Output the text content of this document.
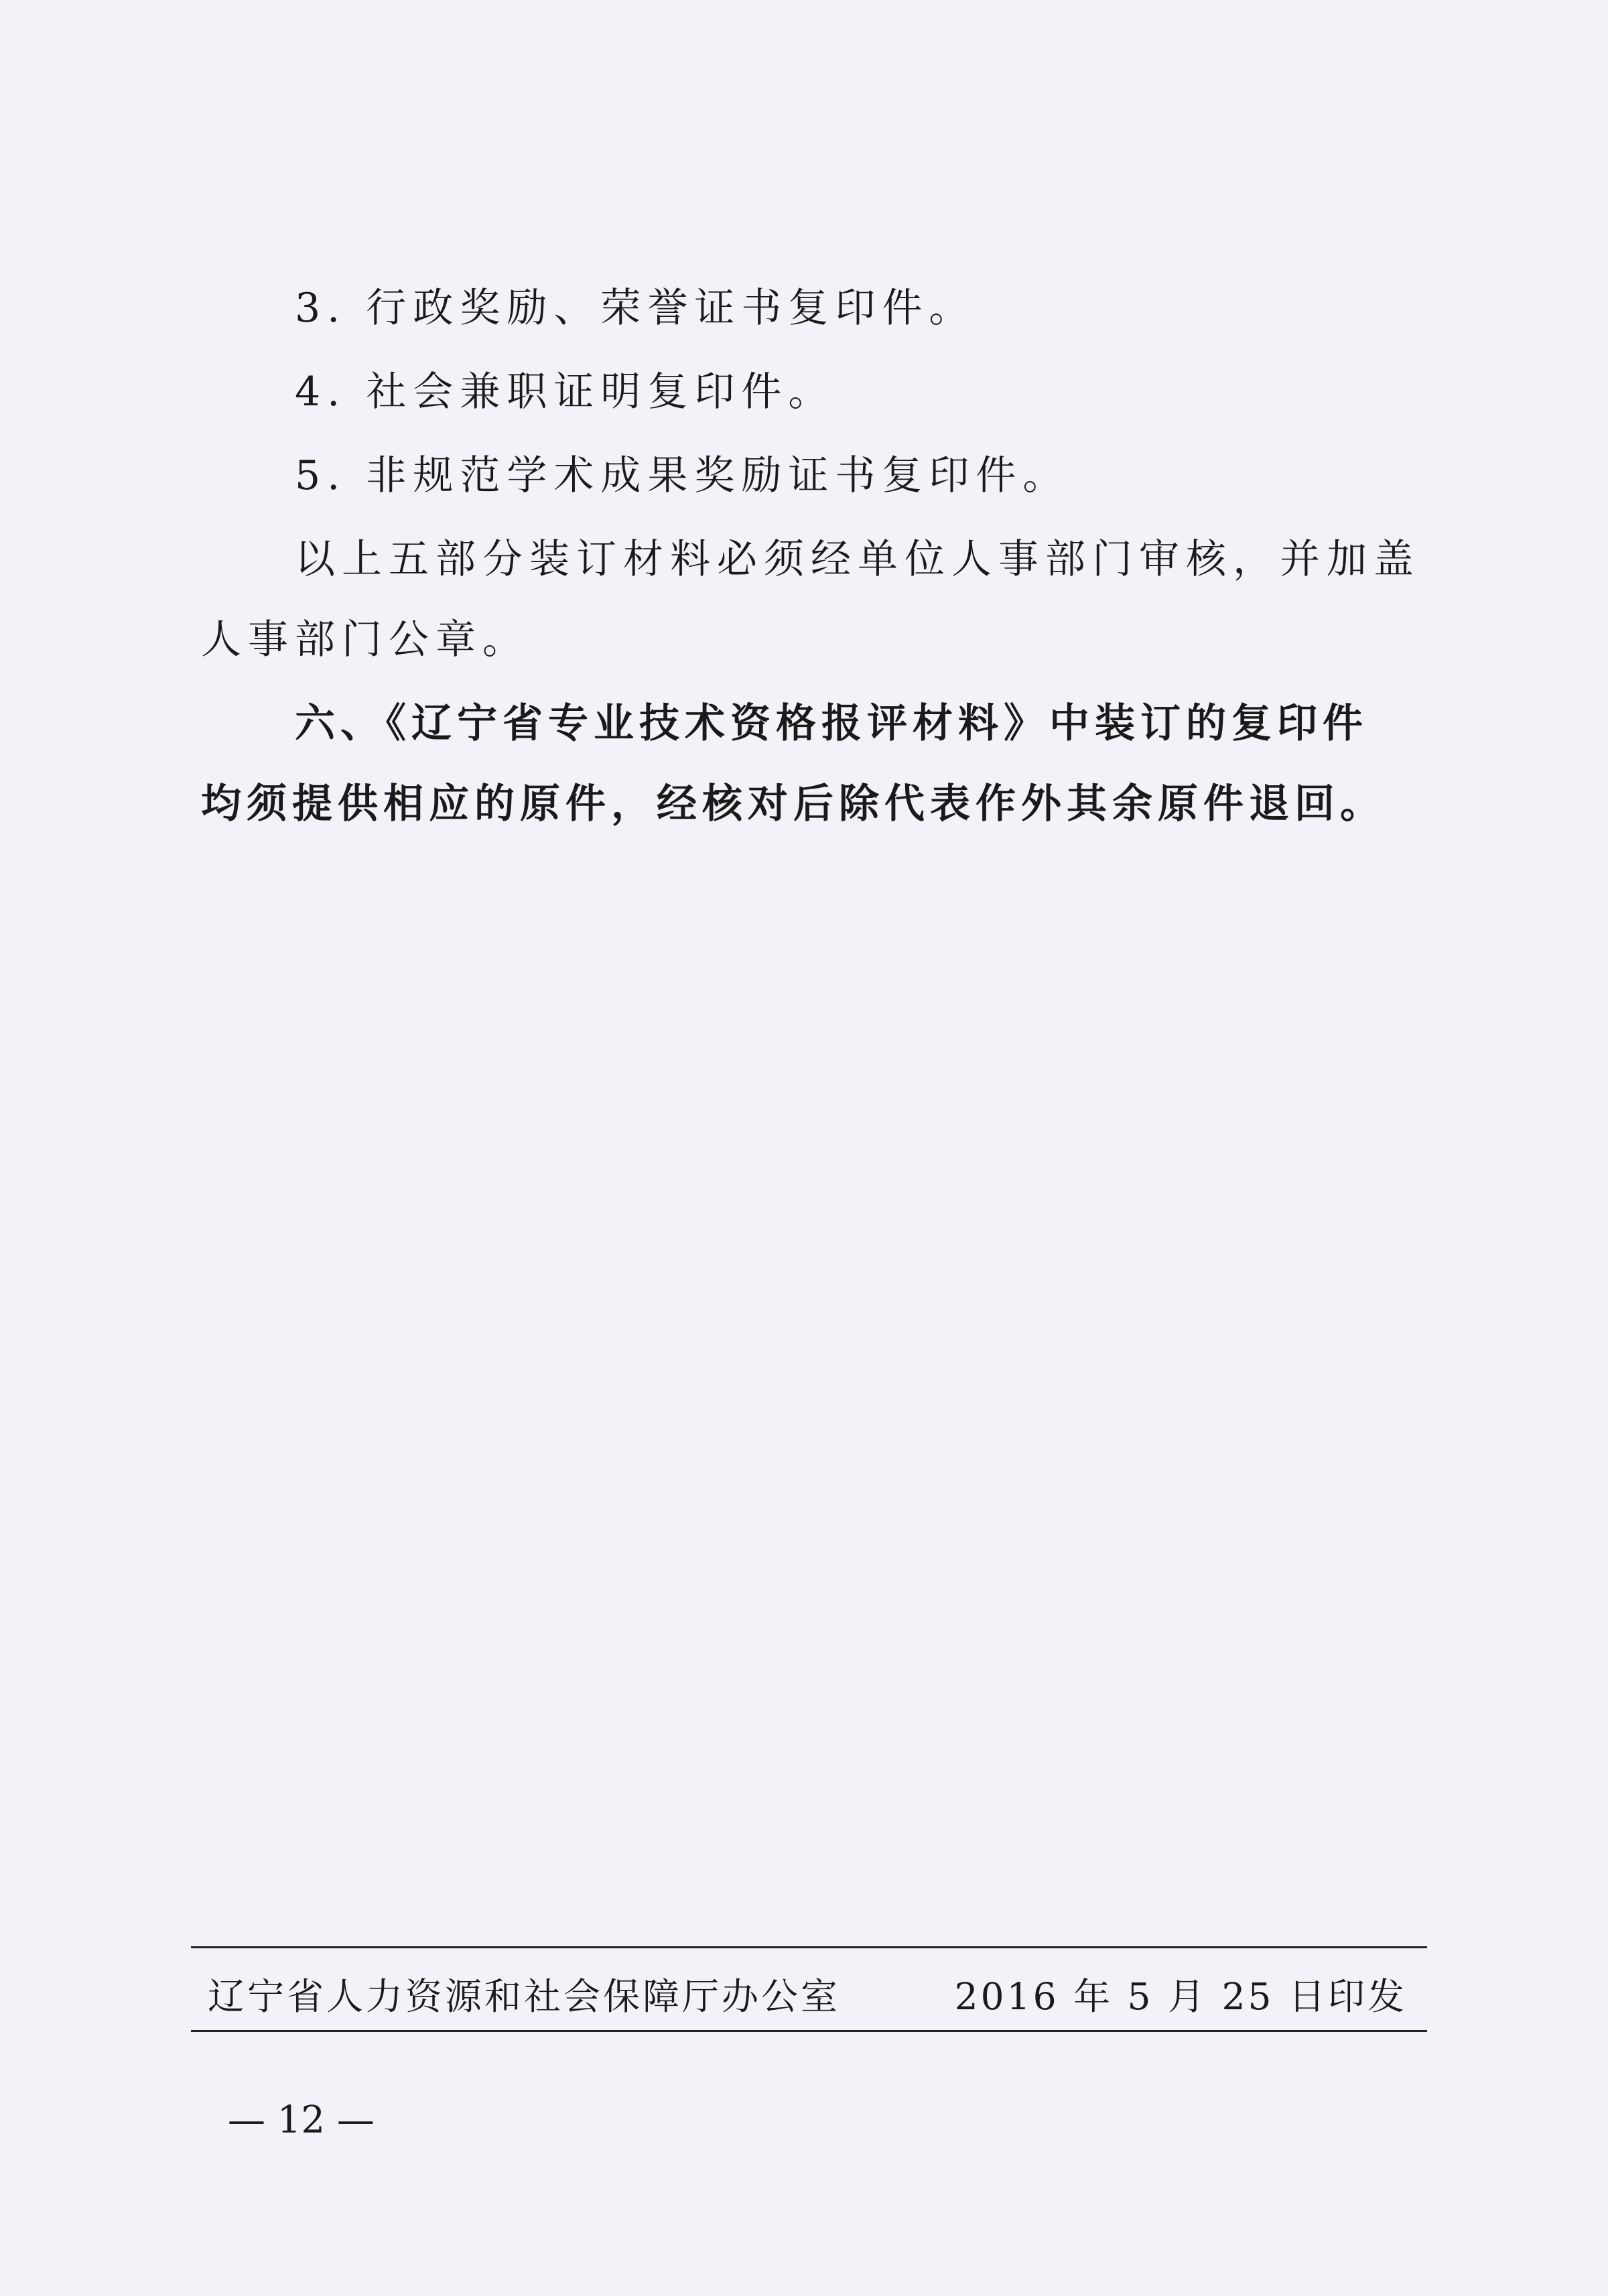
3. 行政奖励、荣誉证书复印件。
4. 社会兼职证明复印件。
5. 非规范学术成果奖励证书复印件。
以上五部分装订材料必须经单位人事部门审核，并加盖
人事部门公章。
六、《辽宁省专业技术资格报评材料》中装订的复印件
均须提供相应的原件，经核对后除代表作外其余原件退回。
辽宁省人力资源和社会保障厅办公室	2016 年 5 月 25 日印发
— 12 —
